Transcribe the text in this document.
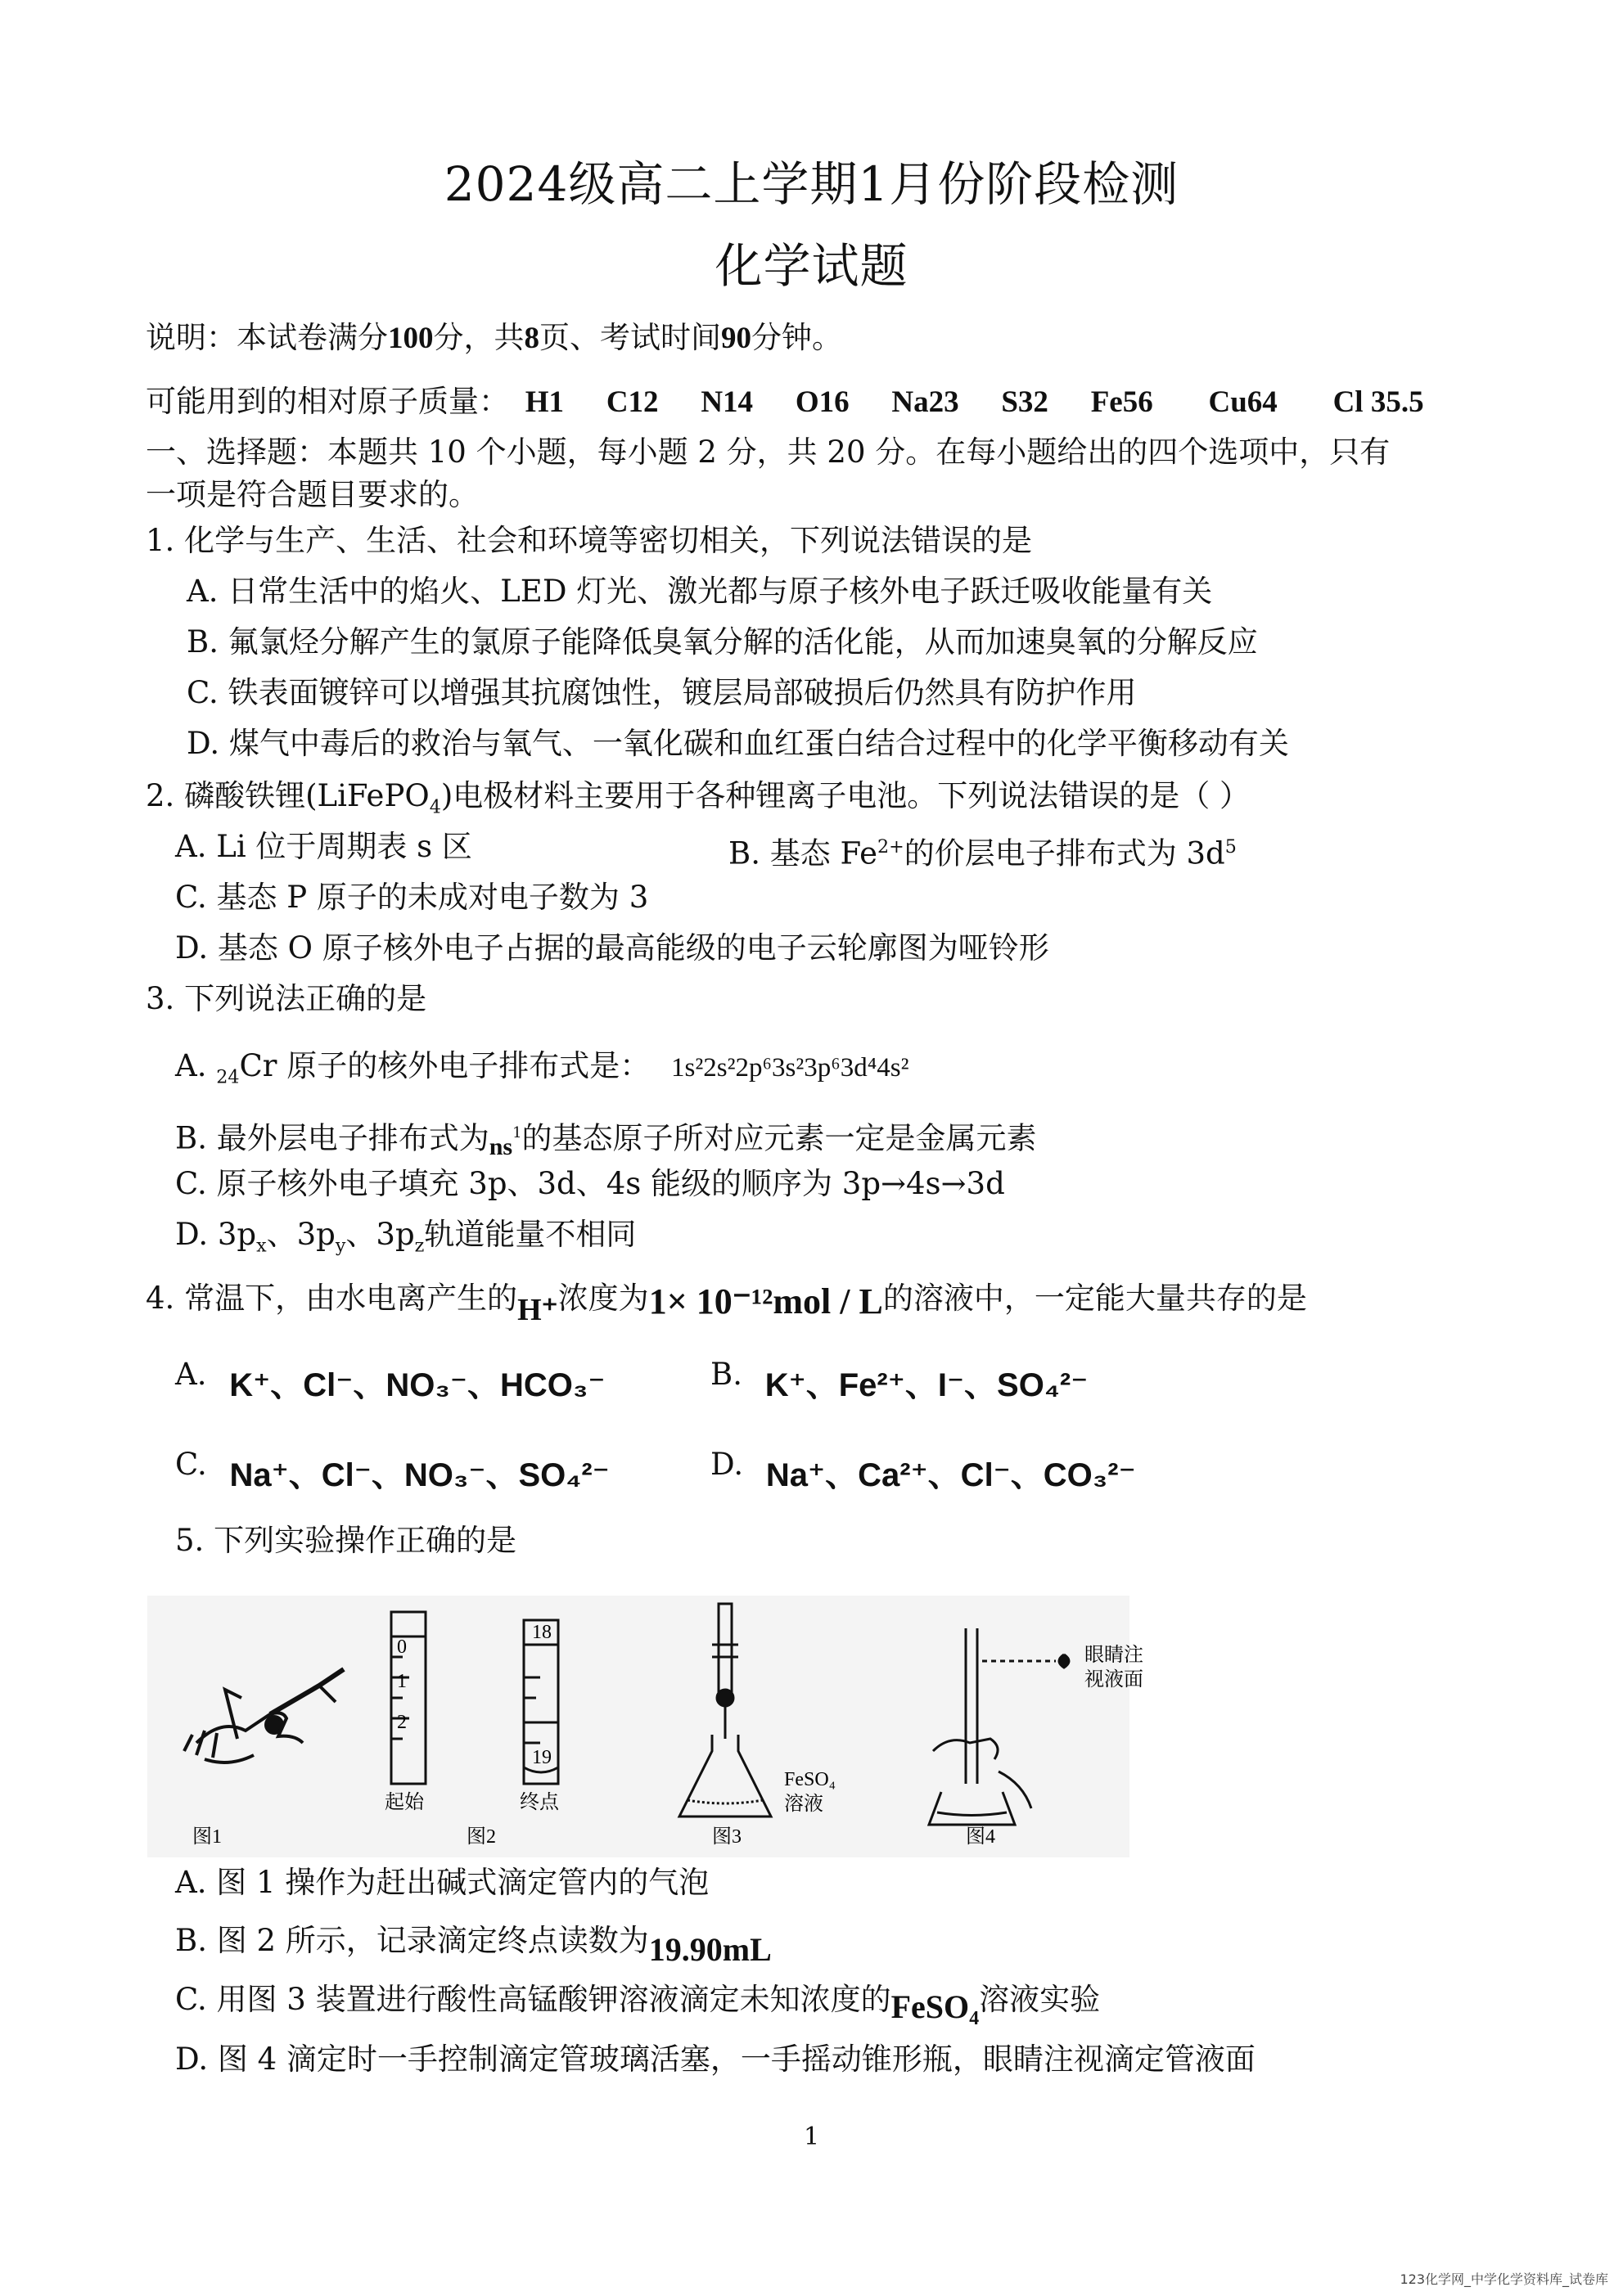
2024级高二上学期1月份阶段检测
化学试题
说明：本试卷满分100分，共8页、考试时间90分钟。
可能用到的相对原子质量： H1 C12 N14 O16 Na23 S32 Fe56 Cu64 Cl 35.5
一、选择题：本题共 10 个小题，每小题 2 分，共 20 分。在每小题给出的四个选项中，只有
一项是符合题目要求的。
1. 化学与生产、生活、社会和环境等密切相关，下列说法错误的是
A. 日常生活中的焰火、LED 灯光、激光都与原子核外电子跃迁吸收能量有关
B. 氟氯烃分解产生的氯原子能降低臭氧分解的活化能，从而加速臭氧的分解反应
C. 铁表面镀锌可以增强其抗腐蚀性，镀层局部破损后仍然具有防护作用
D. 煤气中毒后的救治与氧气、一氧化碳和血红蛋白结合过程中的化学平衡移动有关
2. 磷酸铁锂(LiFePO$_4$)电极材料主要用于各种锂离子电池。下列说法错误的是（ ）
A. Li 位于周期表 s 区	B. 基态 $Fe^{2+}$的价层电子排布式为 $3d^5$
C. 基态 P 原子的未成对电子数为 3
D. 基态 O 原子核外电子占据的最高能级的电子云轮廓图为哑铃形
3. 下列说法正确的是
A. $_{24}$Cr 原子的核外电子排布式是： 1s²2s²2p⁶3s²3p⁶3d⁴4s²
B. 最外层电子排布式为$_{ns}^1$的基态原子所对应元素一定是金属元素
C. 原子核外电子填充 3p、3d、4s 能级的顺序为 3p→4s→3d
D. $3p_x$、$3p_y$、$3p_z$轨道能量不相同
4. 常温下，由水电离产生的H⁺浓度为1× 10⁻¹²mol / L的溶液中，一定能大量共存的是
A. K⁺、Cl⁻、NO₃⁻、HCO₃⁻	B. K⁺、Fe²⁺、I⁻、SO₄²⁻
C. Na⁺、Cl⁻、NO₃⁻、SO₄²⁻	D. Na⁺、Ca²⁺、Cl⁻、CO₃²⁻
5. 下列实验操作正确的是
图1
0
1
2
起始
18
19
终点
图2
FeSO₄
溶液
图3
眼睛注
视液面
图4
A. 图 1 操作为赶出碱式滴定管内的气泡
B. 图 2 所示，记录滴定终点读数为19.90mL
C. 用图 3 装置进行酸性高锰酸钾溶液滴定未知浓度的FeSO₄溶液实验
D. 图 4 滴定时一手控制滴定管玻璃活塞，一手摇动锥形瓶，眼睛注视滴定管液面
1
123化学网_中学化学资料库_试卷库
